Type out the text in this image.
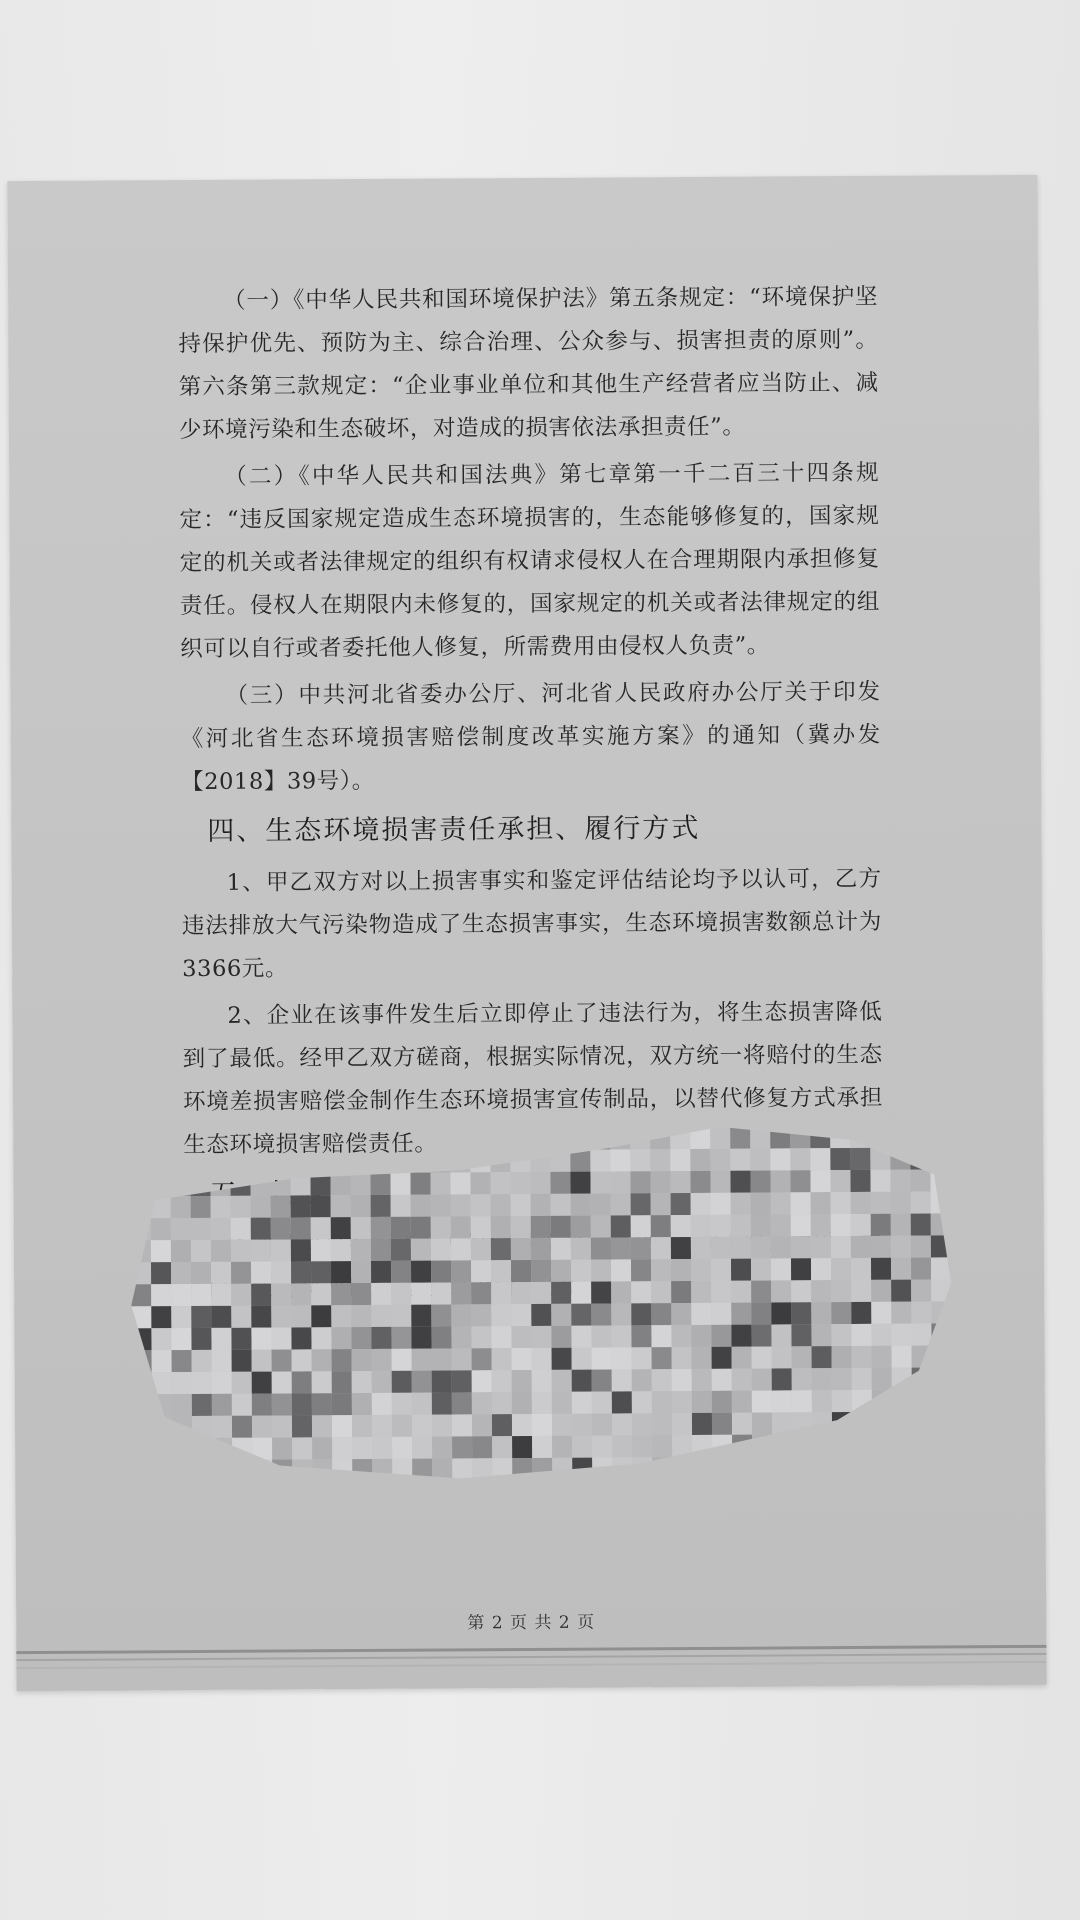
（一）《中华人民共和国环境保护法》第五条规定：“环境保护坚持保护优先、预防为主、综合治理、公众参与、损害担责的原则”。第六条第三款规定：“企业事业单位和其他生产经营者应当防止、减少环境污染和生态破坏，对造成的损害依法承担责任”。

（二）《中华人民共和国法典》第七章第一千二百三十四条规定：“违反国家规定造成生态环境损害的，生态能够修复的，国家规定的机关或者法律规定的组织有权请求侵权人在合理期限内承担修复责任。侵权人在期限内未修复的，国家规定的机关或者法律规定的组织可以自行或者委托他人修复，所需费用由侵权人负责”。

（三）中共河北省委办公厅、河北省人民政府办公厅关于印发《河北省生态环境损害赔偿制度改革实施方案》的通知（冀办发【2018】39号）。

四、生态环境损害责任承担、履行方式

1、甲乙双方对以上损害事实和鉴定评估结论均予以认可，乙方违法排放大气污染物造成了生态损害事实，生态环境损害数额总计为3366元。

2、企业在该事件发生后立即停止了违法行为，将生态损害降低到了最低。经甲乙双方磋商，根据实际情况，双方统一将赔付的生态环境差损害赔偿金制作生态环境损害宣传制品，以替代修复方式承担生态环境损害赔偿责任。

第 2 页 共 2 页
